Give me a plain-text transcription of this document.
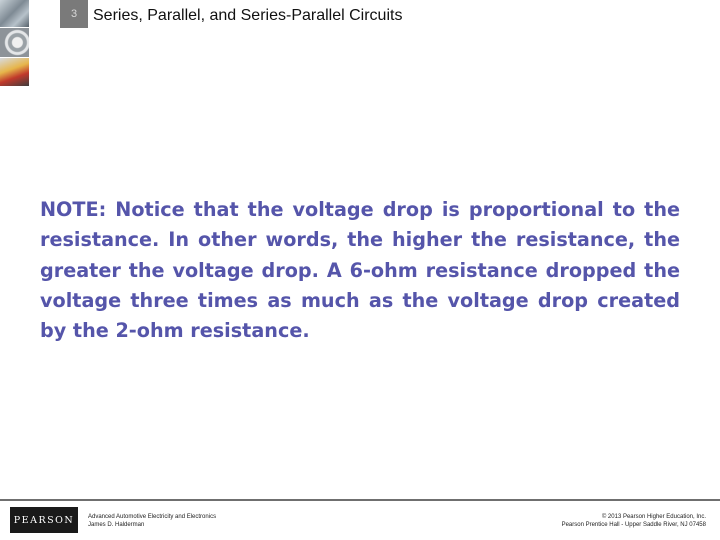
3 Series, Parallel, and Series-Parallel Circuits
NOTE: Notice that the voltage drop is proportional to the resistance. In other words, the higher the resistance, the greater the voltage drop. A 6-ohm resistance dropped the voltage three times as much as the voltage drop created by the 2-ohm resistance.
PEARSON	Advanced Automotive Electricity and Electronics
James D. Halderman
© 2013 Pearson Higher Education, Inc.
Pearson Prentice Hall - Upper Saddle River, NJ 07458
